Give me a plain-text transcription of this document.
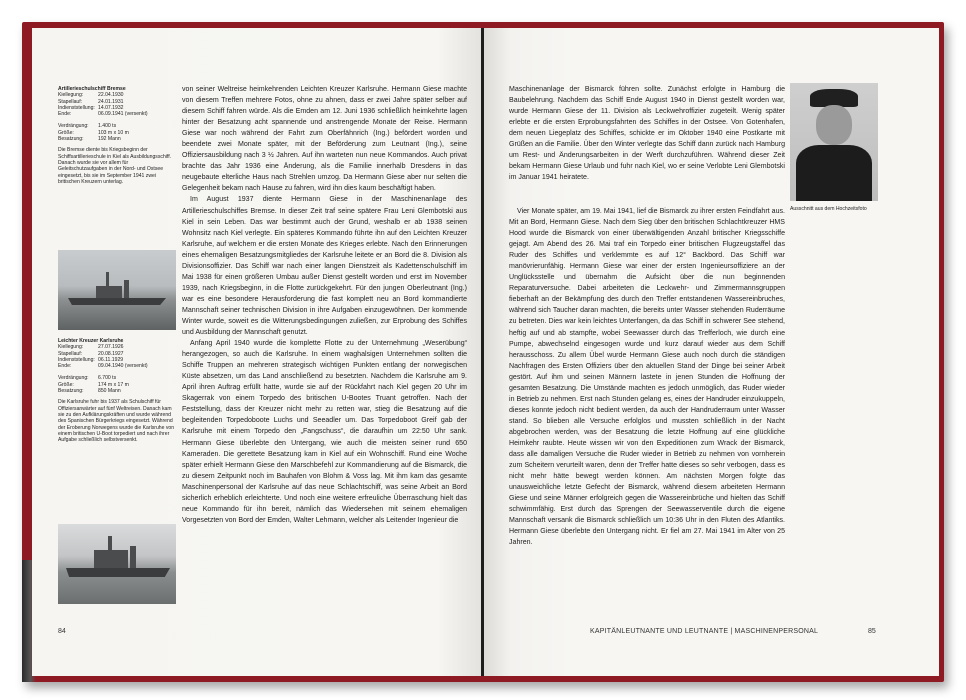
Artillerieschulschiff Bremse
Kiellegung:	22.04.1930
Stapellauf:	24.01.1931
Indienststellung: 14.07.1932
Ende:	06.09.1941 (versenkt)
Verdrängung:	1.400 ts
Größe:	103 m x 10 m
Besatzung:	192 Mann
Die Bremse diente bis Kriegsbeginn der Schiffsartillerieschule in Kiel als Ausbildungsschiff. Danach wurde sie vor allem für Geleitschutzaufgaben in der Nord- und Ostsee eingesetzt, bis sie im September 1941 zwei britischen Kreuzern unterlag.
Leichter Kreuzer Karlsruhe
Kiellegung:	27.07.1926
Stapellauf:	20.08.1927
Indienststellung: 06.11.1929
Ende:	09.04.1940 (versenkt)
Verdrängung:	6.700 ts
Größe:	174 m x 17 m
Besatzung:	850 Mann
Die Karlsruhe fuhr bis 1937 als Schulschiff für Offiziersanwärter auf fünf Weltreisen. Danach kam sie zu den Aufklärungskräften und wurde während des Spanischen Bürgerkriegs eingesetzt. Während der Eroberung Norwegens wurde die Karlsruhe von einem britischen U-Boot torpediert und nach ihrer Aufgabe schließlich selbstversenkt.

von seiner Weltreise heimkehrenden Leichten Kreuzer Karlsruhe. Hermann Giese machte von diesem Treffen mehrere Fotos, ohne zu ahnen, dass er zwei Jahre später selber auf diesem Schiff fahren würde. Als die Emden am 12. Juni 1936 schließlich heimkehrte lagen hinter der Besatzung acht spannende und anstrengende Monate der Reise. Hermann Giese war noch während der Fahrt zum Oberfähnrich (Ing.) befördert worden und beendete zwei Monate später, mit der Beförderung zum Leutnant (Ing.), seine Offiziersausbildung nach 3 ½ Jahren. Auf ihn warteten nun neue Kommandos. Auch privat brachte das Jahr 1936 eine Änderung, als die Familie innerhalb Dresdens in das neugebaute elterliche Haus nach Strehlen umzog. Da Hermann Giese aber nur selten die Gelegenheit bekam nach Hause zu fahren, wird ihn dies kaum beschäftigt haben.

Im August 1937 diente Hermann Giese in der Maschinenanlage des Artillerieschulschiffes Bremse. In dieser Zeit traf seine spätere Frau Leni Glembotski aus Kiel in sein Leben. Das war bestimmt auch der Grund, weshalb er ab 1938 seinen Wohnsitz nach Kiel verlegte. Ein späteres Kommando führte ihn auf den Leichten Kreuzer Karlsruhe, auf welchem er die ersten Monate des Krieges erlebte. Nach den Erinnerungen eines ehemaligen Besatzungsmitgliedes der Karlsruhe leitete er an Bord die 8. Division als Divisionsoffizier. Das Schiff war nach einer langen Dienstzeit als Kadettenschulschiff im Mai 1938 für einen größeren Umbau außer Dienst gestellt worden und erst im November 1939, nach Kriegsbeginn, in die Flotte zurückgekehrt. Für den jungen Oberleutnant (Ing.) war es eine besondere Herausforderung die fast komplett neu an Bord kommandierte Mannschaft seiner technischen Division in ihre Aufgaben einzugewöhnen. Der kommende Winter wurde, soweit es die Witterungsbedingungen zuließen, zur Erprobung des Schiffes und Ausbildung der Mannschaft genutzt.

Anfang April 1940 wurde die komplette Flotte zu der Unternehmung „Weserübung“ herangezogen, so auch die Karlsruhe. In einem waghalsigen Unternehmen sollten die Schiffe Truppen an mehreren strategisch wichtigen Punkten entlang der norwegischen Küste absetzen, um das Land anschließend zu besetzten. Nachdem die Karlsruhe am 9. April ihren Auftrag erfüllt hatte, wurde sie auf der Rückfahrt nach Kiel gegen 20 Uhr im Skagerrak von einem Torpedo des britischen U-Bootes Truant getroffen. Nach der Feststellung, dass der Kreuzer nicht mehr zu retten war, stieg die Besatzung auf die begleitenden Torpedoboote Luchs und Seeadler um. Das Torpedoboot Greif gab der Karlsruhe mit einem Torpedo den „Fangschuss“, die daraufhin um 22:50 Uhr sank. Hermann Giese überlebte den Untergang, wie auch die meisten seiner rund 650 Kameraden. Die gerettete Besatzung kam in Kiel auf ein Wohnschiff. Rund eine Woche später erhielt Hermann Giese den Marschbefehl zur Kommandierung auf die Bismarck, die zu diesem Zeitpunkt noch im Bauhafen von Blohm & Voss lag. Mit ihm kam das gesamte Maschinenpersonal der Karlsruhe auf das neue Schlachtschiff, was seine Arbeit an Bord sicherlich erheblich erleichterte. Und noch eine weitere erfreuliche Überraschung hielt das neue Kommando für ihn bereit, nämlich das Wiedersehen mit seinem ehemaligen Vorgesetzten von Bord der Emden, Walter Lehmann, welcher als Leitender Ingenieur die

84

Maschinenanlage der Bismarck führen sollte. Zunächst erfolgte in Hamburg die Baubelehrung. Nachdem das Schiff Ende August 1940 in Dienst gestellt worden war, wurde Hermann Giese der 11. Division als Leckwehroffizier zugeteilt. Wenig später erlebte er die ersten Erprobungsfahrten des Schiffes in der Ostsee. Von Gotenhafen, dem neuen Liegeplatz des Schiffes, schickte er im Oktober 1940 eine Postkarte mit Grüßen an die Familie. Über den Winter verlegte das Schiff dann zurück nach Hamburg um Rest- und Änderungsarbeiten in der Werft durchzuführen. Während dieser Zeit bekam Hermann Giese Urlaub und fuhr nach Kiel, wo er seine Verlobte Leni Glembotski im Januar 1941 heiratete.

Vier Monate später, am 19. Mai 1941, lief die Bismarck zu ihrer ersten Feindfahrt aus. Mit an Bord, Hermann Giese. Nach dem Sieg über den britischen Schlachtkreuzer HMS Hood wurde die Bismarck von einer überwältigenden Anzahl britischer Kriegsschiffe gejagt. Am Abend des 26. Mai traf ein Torpedo einer britischen Flugzeugstaffel das Ruder des Schiffes und verklemmte es auf 12° Backbord. Das Schiff war manövrierunfähig. Hermann Giese war einer der ersten Ingenieursoffiziere an der Unglücksstelle und übernahm die Aufsicht über die nun beginnenden Reparaturversuche. Dabei arbeiteten die Leckwehr- und Zimmermannsgruppen fieberhaft an der Bekämpfung des durch den Treffer entstandenen Wassereinbruches, während sich Taucher daran machten, die bereits unter Wasser stehenden Ruderräume zu betreten. Dies war kein leichtes Unterfangen, da das Schiff in schwerer See stehend, heftig auf und ab stampfte, wobei Seewasser durch das Trefferloch, wie durch eine Pumpe, abwechselnd eingesogen wurde und kurz darauf wieder aus dem Schiff herausschoss. Zu allem Übel wurde Hermann Giese auch noch durch die ständigen Nachfragen des Ersten Offiziers über den aktuellen Stand der Dinge bei seiner Arbeit gestört. Auf ihm und seinen Männern lastete in jenen Stunden die Hoffnung der gesamten Besatzung. Die Umstände machten es jedoch unmöglich, das Ruder wieder in Betrieb zu nehmen. Erst nach Stunden gelang es, eines der Handruder einzukuppeln, dieses konnte jedoch nicht bedient werden, da auch der Handruderraum unter Wasser stand. So blieben alle Versuche erfolglos und mussten schließlich in der Nacht abgebrochen werden, was der Besatzung die letzte Hoffnung auf eine glückliche Heimkehr raubte. Heute wissen wir von den Expeditionen zum Wrack der Bismarck, dass alle damaligen Versuche die Ruder wieder in Betrieb zu nehmen von vornherein zum Scheitern verurteilt waren, denn der Treffer hatte dieses so sehr verbogen, dass es nicht mehr hätte bewegt werden können. Am nächsten Morgen folgte das unausweichliche letzte Gefecht der Bismarck, während diesem arbeiteten Hermann Giese und seine Männer erfolgreich gegen die Wassereinbrüche und hielten das Schiff schwimmfähig. Erst durch das Sprengen der Seewasserventile durch die eigene Mannschaft versank die Bismarck schließlich um 10:36 Uhr in den Fluten des Atlantiks. Hermann Giese überlebte den Untergang nicht. Er fiel am 27. Mai 1941 im Alter von 25 Jahren.

Ausschnitt aus dem Hochzeitsfoto
KAPITÄNLEUTNANTE UND LEUTNANTE | MASCHINENPERSONAL	85
